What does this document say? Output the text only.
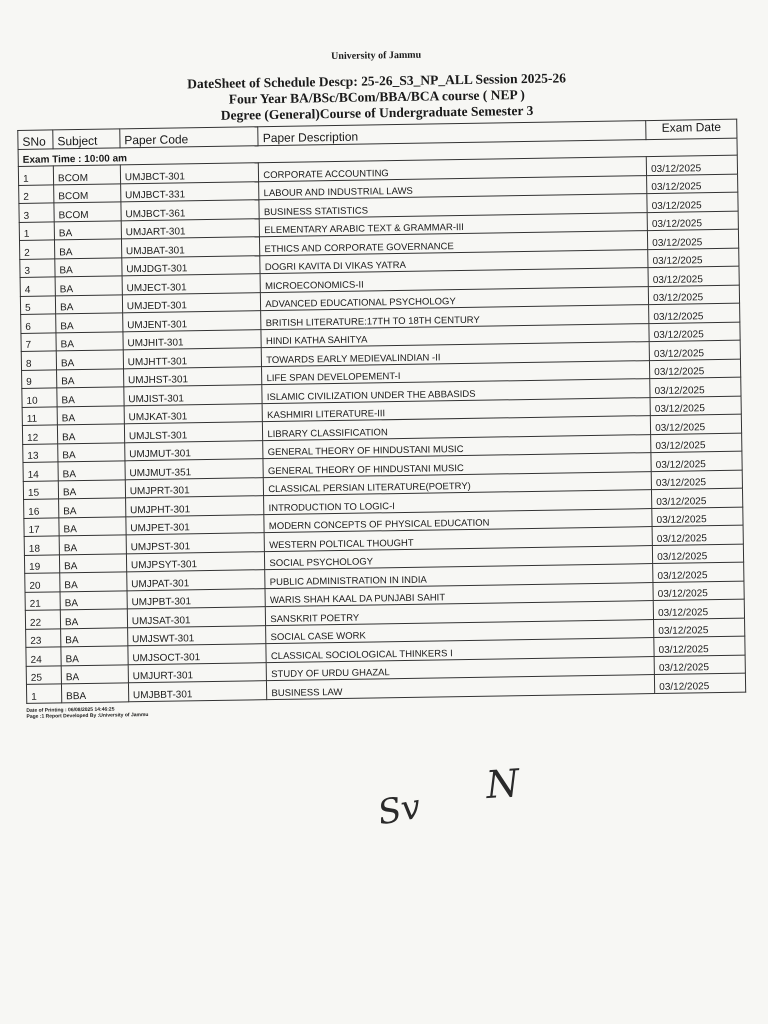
University of Jammu
DateSheet of Schedule Descp: 25-26_S3_NP_ALL Session 2025-26
Four Year BA/BSc/BCom/BBA/BCA course ( NEP )
Degree (General)Course of Undergraduate Semester 3
SNo	Subject	Paper Code	Paper Description	Exam Date
Exam Time : 10:00 am				
1	BCOM	UMJBCT-301	CORPORATE ACCOUNTING	03/12/2025
2	BCOM	UMJBCT-331	LABOUR AND INDUSTRIAL LAWS	03/12/2025
3	BCOM	UMJBCT-361	BUSINESS STATISTICS	03/12/2025
1	BA	UMJART-301	ELEMENTARY ARABIC TEXT & GRAMMAR-III	03/12/2025
2	BA	UMJBAT-301	ETHICS AND CORPORATE GOVERNANCE	03/12/2025
3	BA	UMJDGT-301	DOGRI KAVITA DI VIKAS YATRA	03/12/2025
4	BA	UMJECT-301	MICROECONOMICS-II	03/12/2025
5	BA	UMJEDT-301	ADVANCED EDUCATIONAL PSYCHOLOGY	03/12/2025
6	BA	UMJENT-301	BRITISH LITERATURE:17TH TO 18TH CENTURY	03/12/2025
7	BA	UMJHIT-301	HINDI KATHA SAHITYA	03/12/2025
8	BA	UMJHTT-301	TOWARDS EARLY MEDIEVALINDIAN -II	03/12/2025
9	BA	UMJHST-301	LIFE SPAN DEVELOPEMENT-I	03/12/2025
10	BA	UMJIST-301	ISLAMIC CIVILIZATION UNDER THE ABBASIDS	03/12/2025
11	BA	UMJKAT-301	KASHMIRI LITERATURE-III	03/12/2025
12	BA	UMJLST-301	LIBRARY CLASSIFICATION	03/12/2025
13	BA	UMJMUT-301	GENERAL THEORY OF HINDUSTANI MUSIC	03/12/2025
14	BA	UMJMUT-351	GENERAL THEORY OF HINDUSTANI MUSIC	03/12/2025
15	BA	UMJPRT-301	CLASSICAL PERSIAN LITERATURE(POETRY)	03/12/2025
16	BA	UMJPHT-301	INTRODUCTION TO LOGIC-I	03/12/2025
17	BA	UMJPET-301	MODERN CONCEPTS OF PHYSICAL EDUCATION	03/12/2025
18	BA	UMJPST-301	WESTERN POLTICAL THOUGHT	03/12/2025
19	BA	UMJPSYT-301	SOCIAL PSYCHOLOGY	03/12/2025
20	BA	UMJPAT-301	PUBLIC ADMINISTRATION IN INDIA	03/12/2025
21	BA	UMJPBT-301	WARIS SHAH KAAL DA PUNJABI SAHIT	03/12/2025
22	BA	UMJSAT-301	SANSKRIT POETRY	03/12/2025
23	BA	UMJSWT-301	SOCIAL CASE WORK	03/12/2025
24	BA	UMJSOCT-301	CLASSICAL SOCIOLOGICAL THINKERS I	03/12/2025
25	BA	UMJURT-301	STUDY OF URDU GHAZAL	03/12/2025
1	BBA	UMJBBT-301	BUSINESS LAW	03/12/2025
Date of Printing : 06/08/2025 14:46:25
Page :1 Report Developed By :University of Jammu
Sv
N
